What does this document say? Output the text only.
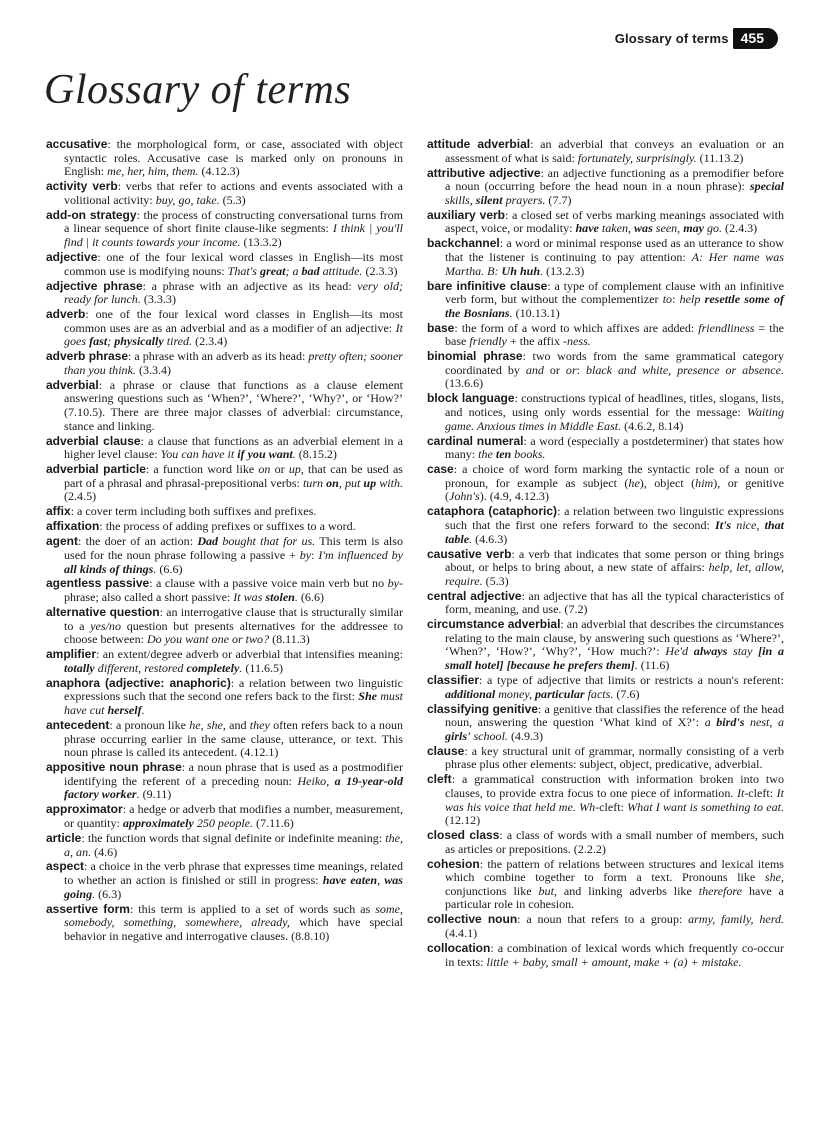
Glossary of terms 455
Glossary of terms

accusative: the morphological form, or case, associated with object syntactic roles. Accusative case is marked only on pronouns in English: me, her, him, them. (4.12.3)

activity verb: verbs that refer to actions and events associated with a volitional activity: buy, go, take. (5.3)

add-on strategy: the process of constructing conversational turns from a linear sequence of short finite clause-like segments: I think | you'll find | it counts towards your income. (13.3.2)

adjective: one of the four lexical word classes in English—its most common use is modifying nouns: That's great; a bad attitude. (2.3.3)

adjective phrase: a phrase with an adjective as its head: very old; ready for lunch. (3.3.3)

adverb: one of the four lexical word classes in English—its most common uses are as an adverbial and as a modifier of an adjective: It goes fast; physically tired. (2.3.4)

adverb phrase: a phrase with an adverb as its head: pretty often; sooner than you think. (3.3.4)

adverbial: a phrase or clause that functions as a clause element answering questions such as ‘When?’, ‘Where?’, ‘Why?’, or ‘How?’ (7.10.5). There are three major classes of adverbial: circumstance, stance and linking.

adverbial clause: a clause that functions as an adverbial element in a higher level clause: You can have it if you want. (8.15.2)

adverbial particle: a function word like on or up, that can be used as part of a phrasal and phrasal-prepositional verbs: turn on, put up with. (2.4.5)

affix: a cover term including both suffixes and prefixes.

affixation: the process of adding prefixes or suffixes to a word.

agent: the doer of an action: Dad bought that for us. This term is also used for the noun phrase following a passive + by: I'm influenced by all kinds of things. (6.6)

agentless passive: a clause with a passive voice main verb but no by-phrase; also called a short passive: It was stolen. (6.6)

alternative question: an interrogative clause that is structurally similar to a yes/no question but presents alternatives for the addressee to choose between: Do you want one or two? (8.11.3)

amplifier: an extent/degree adverb or adverbial that intensifies meaning: totally different, restored completely. (11.6.5)

anaphora (adjective: anaphoric): a relation between two linguistic expressions such that the second one refers back to the first: She must have cut herself.

antecedent: a pronoun like he, she, and they often refers back to a noun phrase occurring earlier in the same clause, utterance, or text. This noun phrase is called its antecedent. (4.12.1)

appositive noun phrase: a noun phrase that is used as a postmodifier identifying the referent of a preceding noun: Heiko, a 19-year-old factory worker. (9.11)

approximator: a hedge or adverb that modifies a number, measurement, or quantity: approximately 250 people. (7.11.6)

article: the function words that signal definite or indefinite meaning: the, a, an. (4.6)

aspect: a choice in the verb phrase that expresses time meanings, related to whether an action is finished or still in progress: have eaten, was going. (6.3)

assertive form: this term is applied to a set of words such as some, somebody, something, somewhere, already, which have special behavior in negative and interrogative clauses. (8.8.10)

attitude adverbial: an adverbial that conveys an evaluation or an assessment of what is said: fortunately, surprisingly. (11.13.2)

attributive adjective: an adjective functioning as a premodifier before a noun (occurring before the head noun in a noun phrase): special skills, silent prayers. (7.7)

auxiliary verb: a closed set of verbs marking meanings associated with aspect, voice, or modality: have taken, was seen, may go. (2.4.3)

backchannel: a word or minimal response used as an utterance to show that the listener is continuing to pay attention: A: Her name was Martha. B: Uh huh. (13.2.3)

bare infinitive clause: a type of complement clause with an infinitive verb form, but without the complementizer to: help resettle some of the Bosnians. (10.13.1)

base: the form of a word to which affixes are added: friendliness = the base friendly + the affix -ness.

binomial phrase: two words from the same grammatical category coordinated by and or or: black and white, presence or absence. (13.6.6)

block language: constructions typical of headlines, titles, slogans, lists, and notices, using only words essential for the message: Waiting game. Anxious times in Middle East. (4.6.2, 8.14)

cardinal numeral: a word (especially a postdeterminer) that states how many: the ten books.

case: a choice of word form marking the syntactic role of a noun or pronoun, for example as subject (he), object (him), or genitive (John's). (4.9, 4.12.3)

cataphora (cataphoric): a relation between two linguistic expressions such that the first one refers forward to the second: It's nice, that table. (4.6.3)

causative verb: a verb that indicates that some person or thing brings about, or helps to bring about, a new state of affairs: help, let, allow, require. (5.3)

central adjective: an adjective that has all the typical characteristics of form, meaning, and use. (7.2)

circumstance adverbial: an adverbial that describes the circumstances relating to the main clause, by answering such questions as ‘Where?’, ‘When?’, ‘How?’, ‘Why?’, ‘How much?’: He'd always stay [in a small hotel] [because he prefers them]. (11.6)

classifier: a type of adjective that limits or restricts a noun's referent: additional money, particular facts. (7.6)

classifying genitive: a genitive that classifies the reference of the head noun, answering the question ‘What kind of X?’: a bird's nest, a girls' school. (4.9.3)

clause: a key structural unit of grammar, normally consisting of a verb phrase plus other elements: subject, object, predicative, adverbial.

cleft: a grammatical construction with information broken into two clauses, to provide extra focus to one piece of information. It-cleft: It was his voice that held me. Wh-cleft: What I want is something to eat. (12.12)

closed class: a class of words with a small number of members, such as articles or prepositions. (2.2.2)

cohesion: the pattern of relations between structures and lexical items which combine together to form a text. Pronouns like she, conjunctions like but, and linking adverbs like therefore have a particular role in cohesion.

collective noun: a noun that refers to a group: army, family, herd. (4.4.1)

collocation: a combination of lexical words which frequently co-occur in texts: little + baby, small + amount, make + (a) + mistake.
